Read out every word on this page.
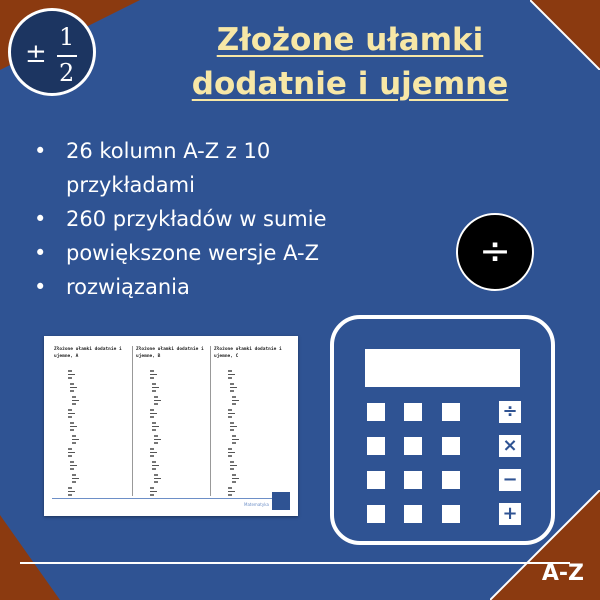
±
1
2
Złożone ułamki
dodatnie i ujemne
• 26 kolumn A-Z z 10 przykładami
• 260 przykładów w sumie
• powiększone wersje A-Z
• rozwiązania
÷
÷
×
−
+
Złożone ułamki dodatnie i
ujemne, A
Złożone ułamki dodatnie i
ujemne, B
Złożone ułamki dodatnie i
ujemne, C
Matematyka
A-Z
